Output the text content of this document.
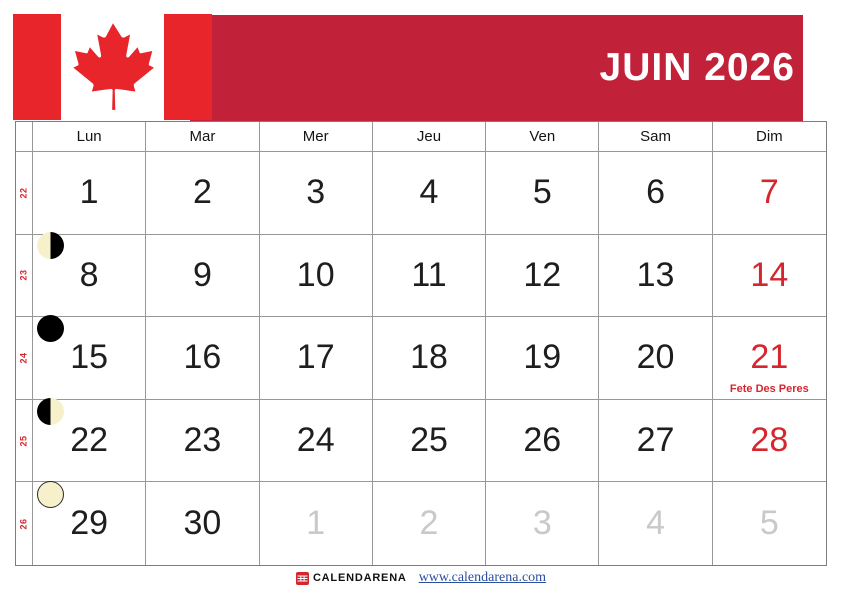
JUIN 2026
Lun	Mar	Mer	Jeu	Ven	Sam	Dim
22 1	2	3	4	5	6	7
23 8	9 10 11 12 13 14
24 15 16 17 18 19 20 21
Fete Des Peres
25 22 23 24 25 26 27 28
26 29 30 1	2	3	4	5
CALENDARENA www.calendarena.com
